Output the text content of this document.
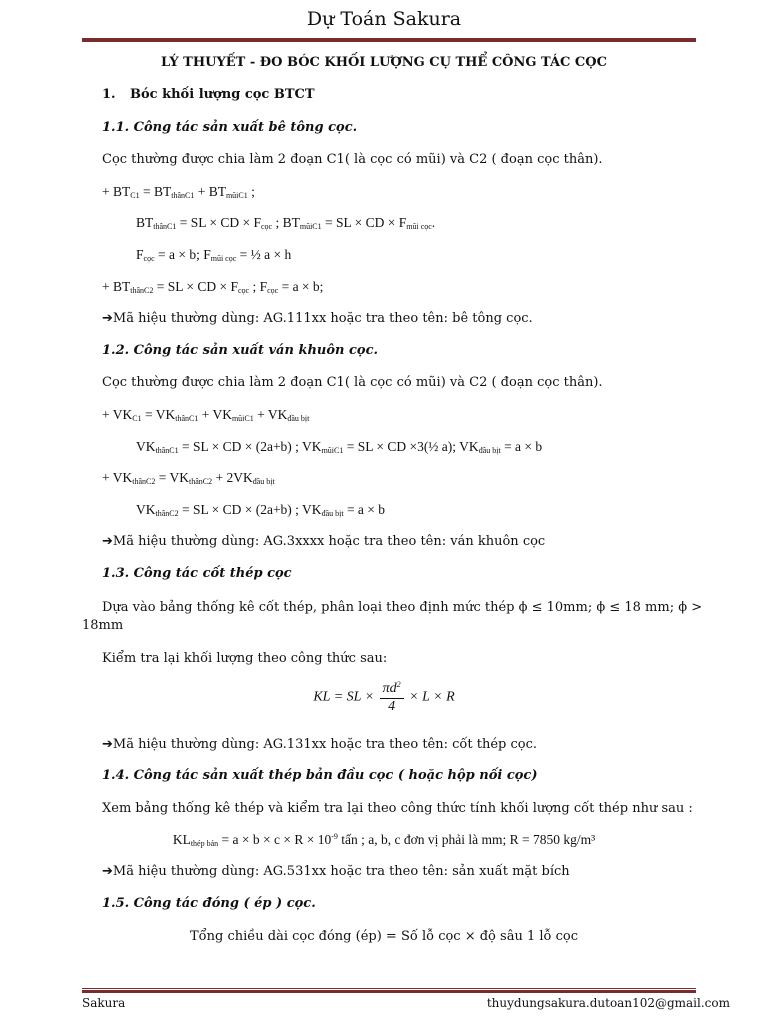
Dự Toán Sakura
LÝ THUYẾT - ĐO BÓC KHỐI LƯỢNG CỤ THỂ CÔNG TÁC CỌC
1. Bóc khối lượng cọc BTCT
1.1. Công tác sản xuất bê tông cọc.
Cọc thường được chia làm 2 đoạn C1( là cọc có mũi) và C2 ( đoạn cọc thân).
+ $BT_{C1} = BT_{thânC1} + BT_{mũiC1}$ ;
$BT_{thânC1}$ = SL × CD × $F_{cọc}$ ; $BT_{mũiC1}$ = SL × CD × $F_{mũi cọc}$.
$F_{cọc} = a \times b$; $F_{mũi cọc}$ = ½ a × h
+ $BT_{thânC2}$ = SL × CD × $F_{cọc}$ ; $F_{cọc} = a \times b$;
➔Mã hiệu thường dùng: AG.111xx hoặc tra theo tên: bê tông cọc.
1.2. Công tác sản xuất ván khuôn cọc.
Cọc thường được chia làm 2 đoạn C1( là cọc có mũi) và C2 ( đoạn cọc thân).
+ $VK_{C1} = VK_{thânC1} + VK_{mũiC1} + VK_{đầu bịt}$
$VK_{thânC1}$ = SL × CD × (2a+b) ; $VK_{mũiC1}$ = SL × CD ×3(½ a); $VK_{đầu bịt} = a \times b$
+ $VK_{thânC2} = VK_{thânC2} + 2VK_{đầu bịt}$
$VK_{thânC2}$ = SL × CD × (2a+b) ; $VK_{đầu bịt} = a \times b$
➔Mã hiệu thường dùng: AG.3xxxx hoặc tra theo tên: ván khuôn cọc
1.3. Công tác cốt thép cọc
Dựa vào bảng thống kê cốt thép, phân loại theo định mức thép ϕ ≤ 10mm; ϕ ≤ 18 mm; ϕ >
18mm
Kiểm tra lại khối lượng theo công thức sau:
KL = SL × $\frac{\pi d^2}{4} \times L \times R$
➔Mã hiệu thường dùng: AG.131xx hoặc tra theo tên: cốt thép cọc.
1.4. Công tác sản xuất thép bản đầu cọc ( hoặc hộp nối cọc)
Xem bảng thống kê thép và kiểm tra lại theo công thức tính khối lượng cốt thép như sau :
$KL_{thép bản} = a \times b \times c \times R \times 10^{-9}$ tấn ; a, b, c đơn vị phải là mm; R = 7850 kg/m³
➔Mã hiệu thường dùng: AG.531xx hoặc tra theo tên: sản xuất mặt bích
1.5. Công tác đóng ( ép ) cọc.
Tổng chiều dài cọc đóng (ép) = Số lỗ cọc × độ sâu 1 lỗ cọc
Sakura	thuydungsakura.dutoan102@gmail.com
